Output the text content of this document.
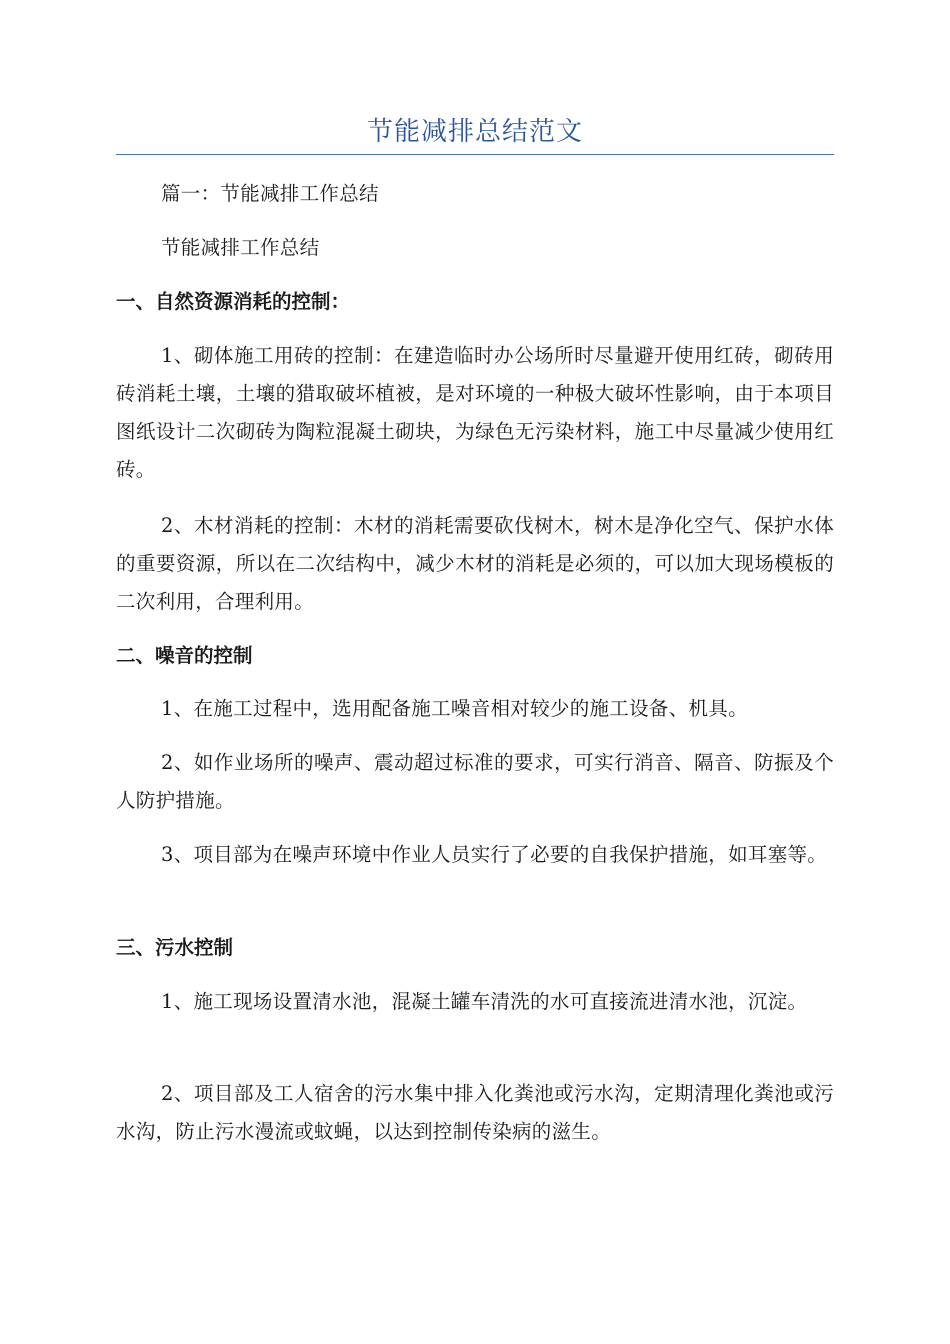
节能减排总结范文
篇一：节能减排工作总结
节能减排工作总结
一、自然资源消耗的控制：
1、砌体施工用砖的控制：在建造临时办公场所时尽量避开使用红砖，砌砖用砖消耗土壤，土壤的猎取破坏植被，是对环境的一种极大破坏性影响，由于本项目图纸设计二次砌砖为陶粒混凝土砌块，为绿色无污染材料，施工中尽量减少使用红砖。
2、木材消耗的控制：木材的消耗需要砍伐树木，树木是净化空气、保护水体的重要资源，所以在二次结构中，减少木材的消耗是必须的，可以加大现场模板的二次利用，合理利用。
二、噪音的控制
1、在施工过程中，选用配备施工噪音相对较少的施工设备、机具。
2、如作业场所的噪声、震动超过标准的要求，可实行消音、隔音、防振及个人防护措施。
3、项目部为在噪声环境中作业人员实行了必要的自我保护措施，如耳塞等。
三、污水控制
1、施工现场设置清水池，混凝土罐车清洗的水可直接流进清水池，沉淀。
2、项目部及工人宿舍的污水集中排入化粪池或污水沟，定期清理化粪池或污水沟，防止污水漫流或蚊蝇，以达到控制传染病的滋生。
